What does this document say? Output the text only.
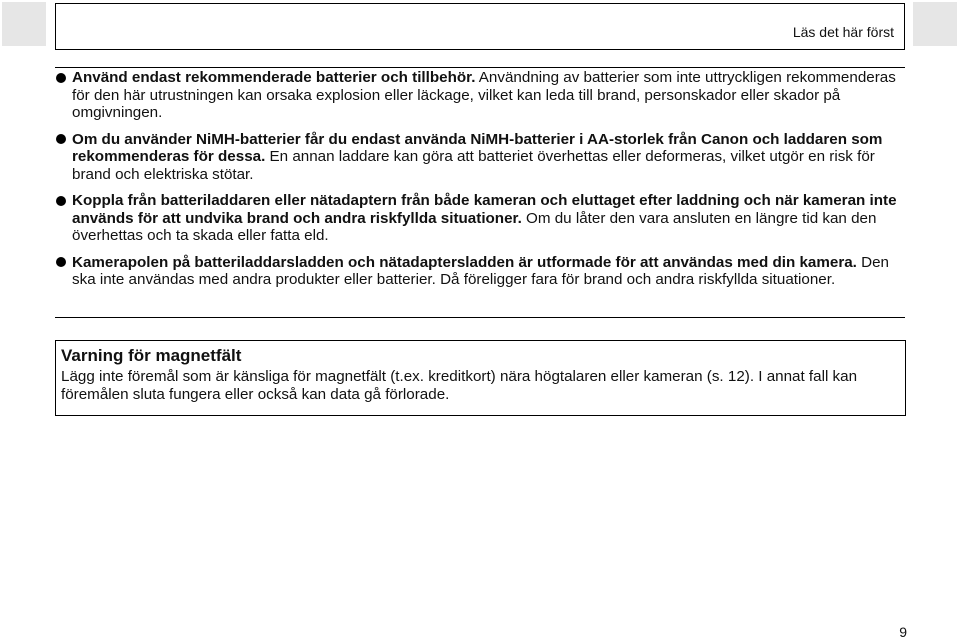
Läs det här först
Använd endast rekommenderade batterier och tillbehör. Användning av batterier som inte uttryckligen rekommenderas för den här utrustningen kan orsaka explosion eller läckage, vilket kan leda till brand, personskador eller skador på omgivningen.
Om du använder NiMH-batterier får du endast använda NiMH-batterier i AA-storlek från Canon och laddaren som rekommenderas för dessa. En annan laddare kan göra att batteriet överhettas eller deformeras, vilket utgör en risk för brand och elektriska stötar.
Koppla från batteriladdaren eller nätadaptern från både kameran och eluttaget efter laddning och när kameran inte används för att undvika brand och andra riskfyllda situationer. Om du låter den vara ansluten en längre tid kan den överhettas och ta skada eller fatta eld.
Kamerapolen på batteriladdarsladden och nätadaptersladden är utformade för att användas med din kamera. Den ska inte användas med andra produkter eller batterier. Då föreligger fara för brand och andra riskfyllda situationer.
Varning för magnetfält
Lägg inte föremål som är känsliga för magnetfält (t.ex. kreditkort) nära högtalaren eller kameran (s. 12). I annat fall kan föremålen sluta fungera eller också kan data gå förlorade.
9
